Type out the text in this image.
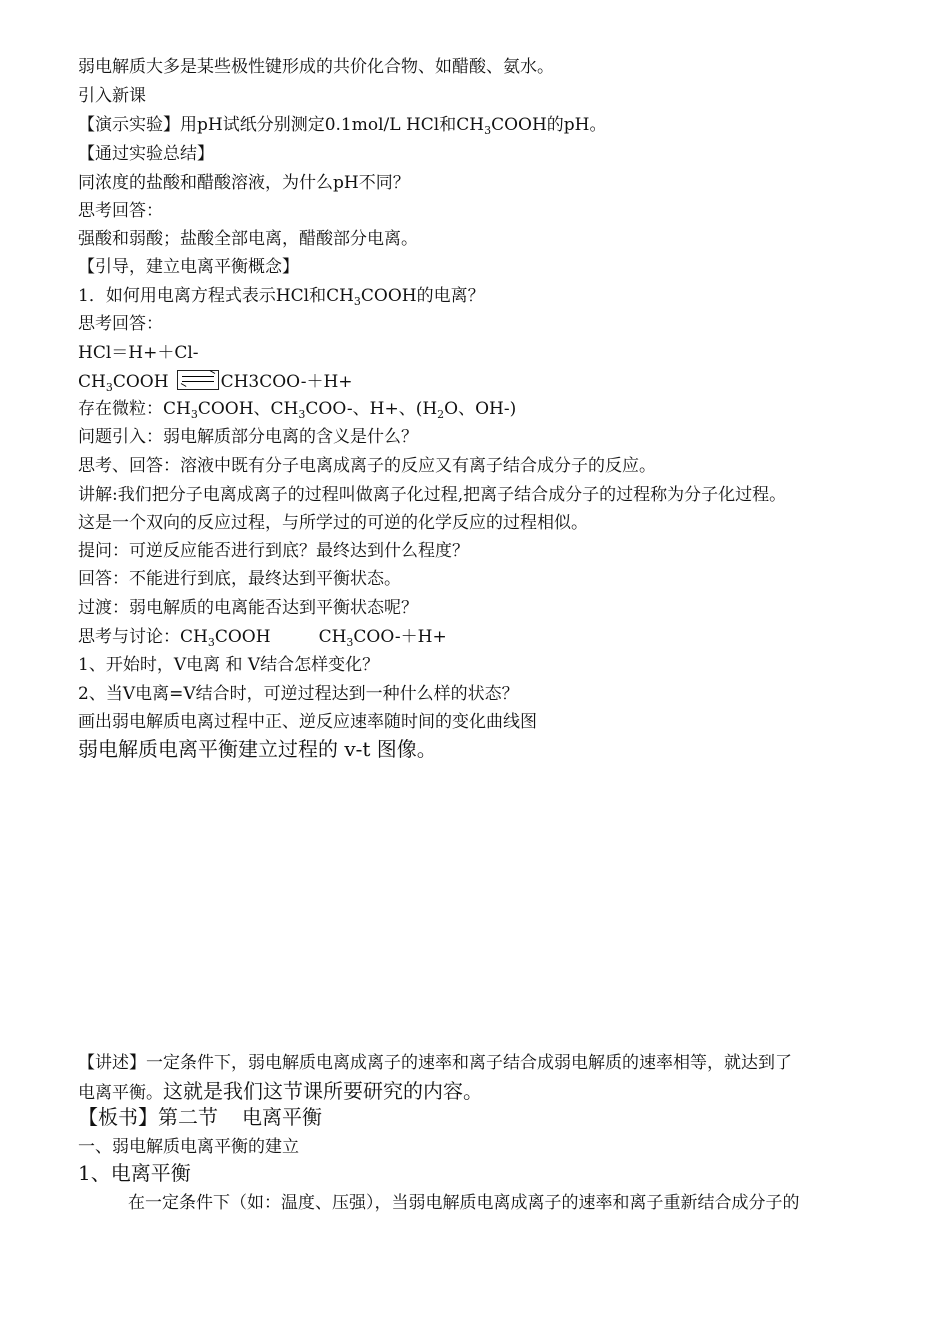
弱电解质大多是某些极性键形成的共价化合物、如醋酸、氨水。
引入新课
【演示实验】用pH试纸分别测定0.1mol/L HCl和$CH_3COOH$的pH。
【通过实验总结】
同浓度的盐酸和醋酸溶液，为什么pH不同？
思考回答：
强酸和弱酸；盐酸全部电离，醋酸部分电离。
【引导，建立电离平衡概念】
1．如何用电离方程式表示HCl和$CH_3COOH$的电离？
思考回答：
HCl＝H+＋Cl-
$CH_3COOH$	CH3COO-＋H+
存在微粒：$CH_3COOH$、$CH_3COO-$、H+、($H_2O$、OH-)
问题引入：弱电解质部分电离的含义是什么？
思考、回答：溶液中既有分子电离成离子的反应又有离子结合成分子的反应。
讲解:我们把分子电离成离子的过程叫做离子化过程,把离子结合成分子的过程称为分子化过程。
这是一个双向的反应过程，与所学过的可逆的化学反应的过程相似。
提问：可逆反应能否进行到底？最终达到什么程度？
回答：不能进行到底，最终达到平衡状态。
过渡：弱电解质的电离能否达到平衡状态呢？
思考与讨论：$CH_3COOH$	$CH_3COO-+H+$
1、开始时，V电离 和 V结合怎样变化？
2、当V电离=V结合时，可逆过程达到一种什么样的状态？
画出弱电解质电离过程中正、逆反应速率随时间的变化曲线图
弱电解质电离平衡建立过程的 v-t 图像。
【讲述】一定条件下，弱电解质电离成离子的速率和离子结合成弱电解质的速率相等，就达到了
电离平衡。这就是我们这节课所要研究的内容。
【板书】第二节 电离平衡
一、弱电解质电离平衡的建立
1、电离平衡
在一定条件下（如：温度、压强），当弱电解质电离成离子的速率和离子重新结合成分子的
